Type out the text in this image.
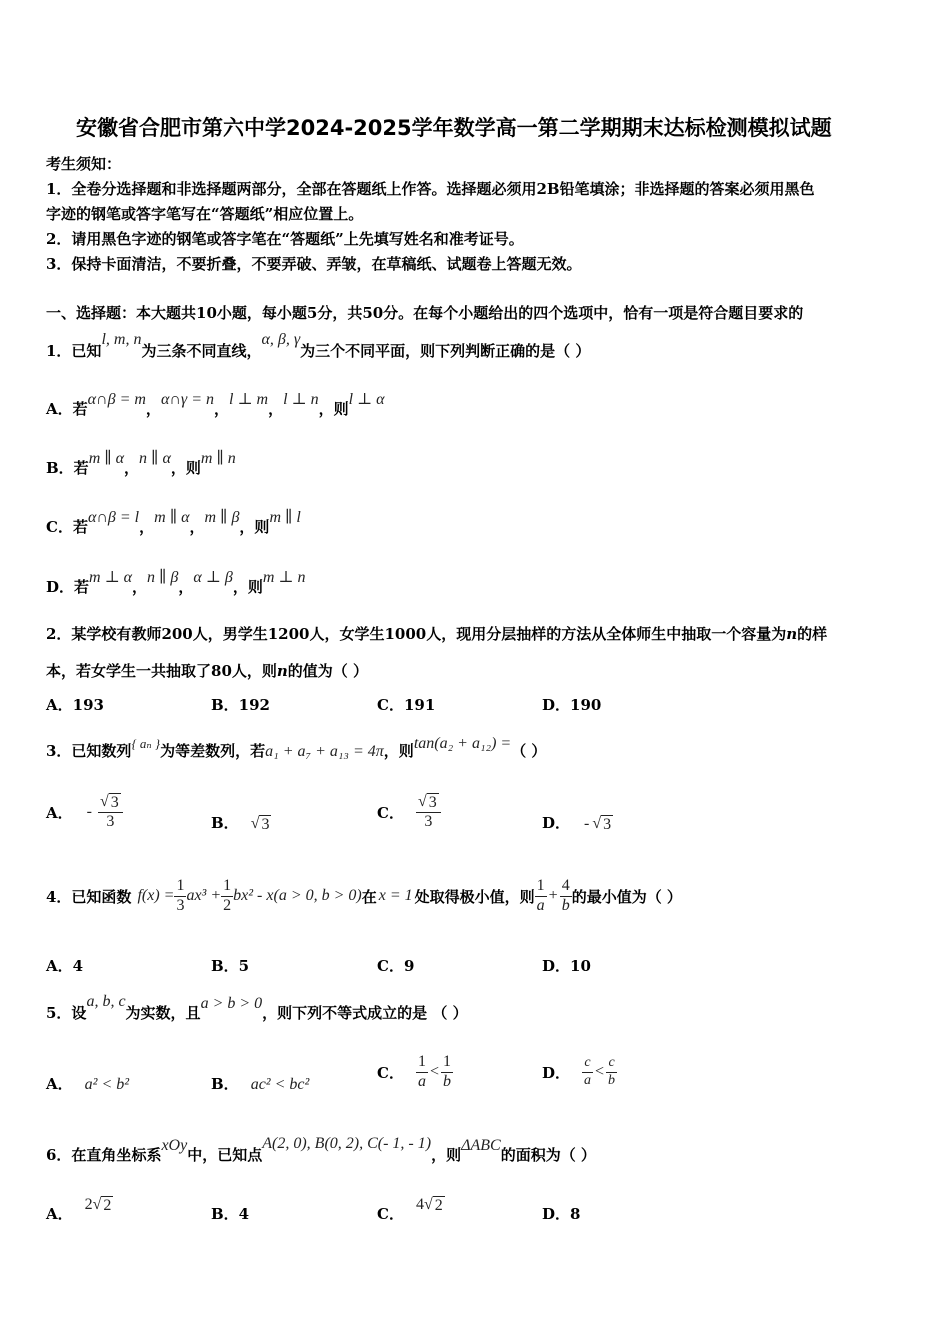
安徽省合肥市第六中学2024-2025学年数学高一第二学期期末达标检测模拟试题
考生须知：
1．全卷分选择题和非选择题两部分，全部在答题纸上作答。选择题必须用2B铅笔填涂；非选择题的答案必须用黑色
字迹的钢笔或答字笔写在“答题纸”相应位置上。
2．请用黑色字迹的钢笔或答字笔在“答题纸”上先填写姓名和准考证号。
3．保持卡面清洁，不要折叠，不要弄破、弄皱，在草稿纸、试题卷上答题无效。
一、选择题：本大题共10小题，每小题5分，共50分。在每个小题给出的四个选项中，恰有一项是符合题目要求的
1．已知l, m, n为三条不同直线，α, β, γ为三个不同平面，则下列判断正确的是（ ）
A．若α∩β = m，α∩γ = n，l ⊥ m，l ⊥ n，则l ⊥ α
B．若m ∥ α，n ∥ α，则m ∥ n
C．若α∩β = l，m ∥ α，m ∥ β，则m ∥ l
D．若m ⊥ α，n ∥ β，α ⊥ β，则m ⊥ n
2．某学校有教师200人，男学生1200人，女学生1000人，现用分层抽样的方法从全体师生中抽取一个容量为n的样
本，若女学生一共抽取了80人，则n的值为（ ）
A．193	B．192	C．191	D．190
3．已知数列{ aₙ }为等差数列，若a₁ + a₇ + a₁₃ = 4π，则tan(a₂ + a₁₂) =（ ）
A． - $\frac{√ 3}{3}$	B． √ 3
C． $\frac{√ 3}{3}$	D． - √ 3
4．已知函数 $f(x) = \frac{1}{3} ax^3 + \frac{1}{2} bx^2 - x(a > 0$, b > 0) 在 x = 1 处取得极小值，则 $\frac{1}{a} + \frac{4}{b}$ 的最小值为（ ）
A．4	B．5	C．9	D．10
5．设a, b, c为实数，且a > b > 0，则下列不等式成立的是 （ ）
A． a² < b²	B． ac² < bc²
C． $\frac{1}{a} < \frac{1}{b}$	D． $\frac{c}{a} < \frac{c}{b}$
6．在直角坐标系xOy中，已知点A(2, 0), B(0, 2), C(- 1, - 1)，则ΔABC的面积为（ ）
A．2 √ 2	B．4	C．4 √ 2	D．8
